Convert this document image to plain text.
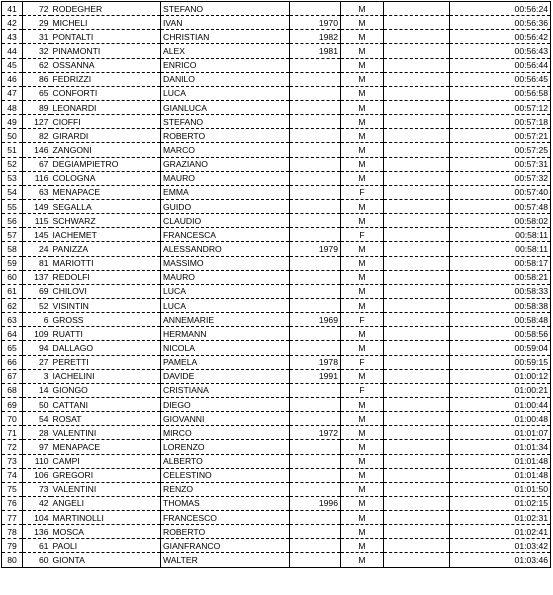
41	72	RODEGHER	STEFANO		M		00:56:24
42	29	MICHELI	IVAN	1970	M		00:56:36
43	31	PONTALTI	CHRISTIAN	1982	M		00:56:42
44	32	PINAMONTI	ALEX	1981	M		00:56:43
45	62	OSSANNA	ENRICO		M		00:56:44
46	86	FEDRIZZI	DANILO		M		00:56:45
47	65	CONFORTI	LUCA		M		00:56:58
48	89	LEONARDI	GIANLUCA		M		00:57:12
49	127	CIOFFI	STEFANO		M		00:57:18
50	82	GIRARDI	ROBERTO		M		00:57:21
51	146	ZANGONI	MARCO		M		00:57:25
52	67	DEGIAMPIETRO	GRAZIANO		M		00:57:31
53	116	COLOGNA	MAURO		M		00:57:32
54	63	MENAPACE	EMMA		F		00:57:40
55	149	SEGALLA	GUIDO		M		00:57:48
56	115	SCHWARZ	CLAUDIO		M		00:58:02
57	145	IACHEMET	FRANCESCA		F		00:58:11
58	24	PANIZZA	ALESSANDRO	1979	M		00:58:11
59	81	MARIOTTI	MASSIMO		M		00:58:17
60	137	REDOLFI	MAURO		M		00:58:21
61	69	CHILOVI	LUCA		M		00:58:33
62	52	VISINTIN	LUCA		M		00:58:38
63	6	GROSS	ANNEMARIE	1969	F		00:58:48
64	109	RUATTI	HERMANN		M		00:58:56
65	94	DALLAGO	NICOLA		M		00:59:04
66	27	PERETTI	PAMELA	1978	F		00:59:15
67	3	IACHELINI	DAVIDE	1991	M		01:00:12
68	14	GIONGO	CRISTIANA		F		01:00:21
69	50	CATTANI	DIEGO		M		01:00:44
70	54	ROSAT	GIOVANNI		M		01:00:48
71	28	VALENTINI	MIRCO	1972	M		01:01:07
72	97	MENAPACE	LORENZO		M		01:01:34
73	110	CAMPI	ALBERTO		M		01:01:48
74	106	GREGORI	CELESTINO		M		01:01:48
75	73	VALENTINI	RENZO		M		01:01:50
76	42	ANGELI	THOMAS	1996	M		01:02:15
77	104	MARTINOLLI	FRANCESCO		M		01:02:31
78	136	MOSCA	ROBERTO		M		01:02:41
79	61	PAOLI	GIANFRANCO		M		01:03:42
80	60	GIONTA	WALTER		M		01:03:46
